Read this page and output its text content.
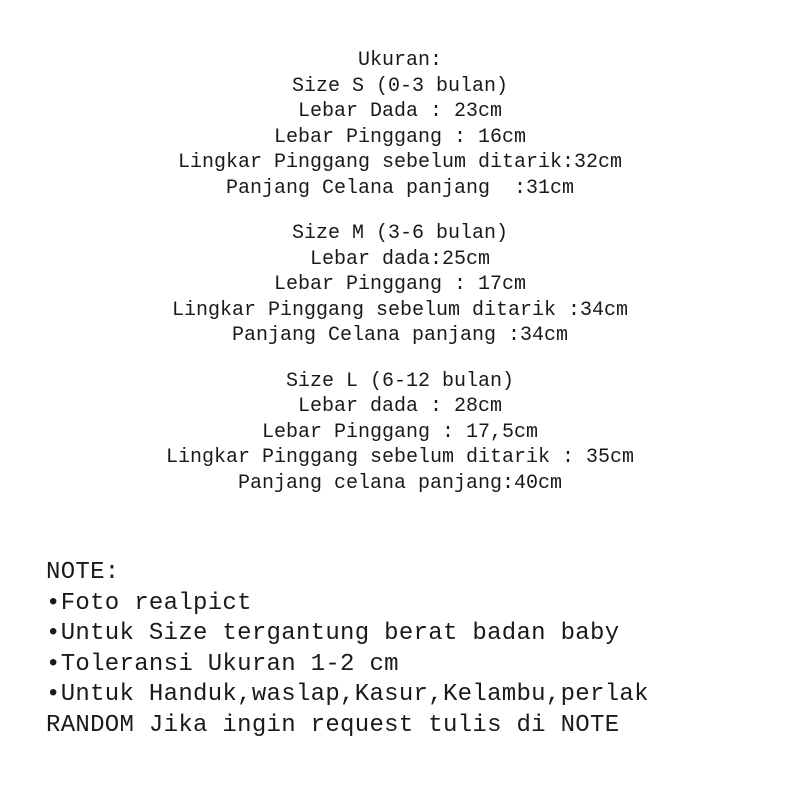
Ukuran:
Size S (0-3 bulan)
Lebar Dada : 23cm
Lebar Pinggang : 16cm
Lingkar Pinggang sebelum ditarik:32cm
Panjang Celana panjang  :31cm
Size M (3-6 bulan)
Lebar dada:25cm
Lebar Pinggang : 17cm
Lingkar Pinggang sebelum ditarik :34cm
Panjang Celana panjang :34cm
Size L (6-12 bulan)
Lebar dada : 28cm
Lebar Pinggang : 17,5cm
Lingkar Pinggang sebelum ditarik : 35cm
Panjang celana panjang:40cm
NOTE:
•Foto realpict
•Untuk Size tergantung berat badan baby
•Toleransi Ukuran 1-2 cm
•Untuk Handuk,waslap,Kasur,Kelambu,perlak
RANDOM Jika ingin request tulis di NOTE
